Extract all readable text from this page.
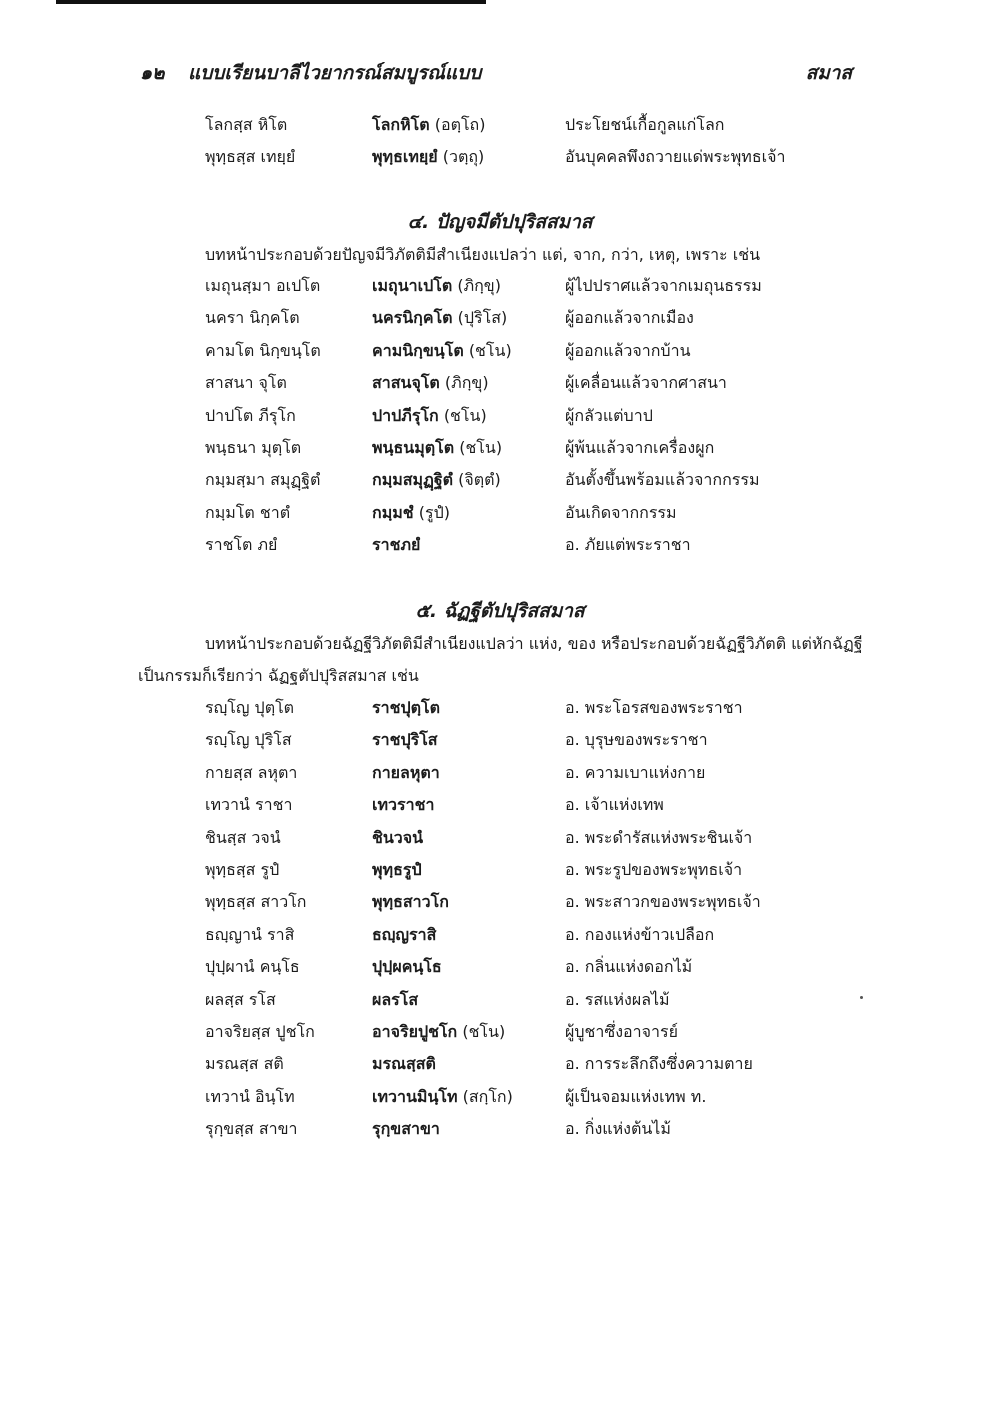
๑๒ แบบเรียนบาลีไวยากรณ์สมบูรณ์แบบ	สมาส
โลกสฺส หิโต	โลกหิโต (อตฺโถ)	ประโยชน์เกื้อกูลแก่โลก
พุทฺธสฺส เทยฺยํ	พุทฺธเทยฺยํ (วตฺถุ)	อันบุคคลพึงถวายแด่พระพุทธเจ้า
๔. ปัญจมีตัปปุริสสมาส
บทหน้าประกอบด้วยปัญจมีวิภัตติมีสำเนียงแปลว่า แต่, จาก, กว่า, เหตุ, เพราะ เช่น
เมถุนสฺมา อเปโต	เมถุนาเปโต (ภิกฺขุ)	ผู้ไปปราศแล้วจากเมถุนธรรม
นครา นิกฺคโต	นครนิกฺคโต (ปุริโส)	ผู้ออกแล้วจากเมือง
คามโต นิกฺขนฺโต	คามนิกฺขนฺโต (ชโน)	ผู้ออกแล้วจากบ้าน
สาสนา จุโต	สาสนจุโต (ภิกฺขุ)	ผู้เคลื่อนแล้วจากศาสนา
ปาปโต ภีรุโก	ปาปภีรุโก (ชโน)	ผู้กลัวแต่บาป
พนฺธนา มุตฺโต	พนฺธนมุตฺโต (ชโน)	ผู้พ้นแล้วจากเครื่องผูก
กมฺมสฺมา สมุฏฺฐิตํ	กมฺมสมุฏฺฐิตํ (จิตฺตํ)	อันตั้งขึ้นพร้อมแล้วจากกรรม
กมฺมโต ชาตํ	กมฺมชํ (รูปํ)	อันเกิดจากกรรม
ราชโต ภยํ	ราชภยํ	อ. ภัยแต่พระราชา
๕. ฉัฏฐีตัปปุริสสมาส
บทหน้าประกอบด้วยฉัฏฐีวิภัตติมีสำเนียงแปลว่า แห่ง, ของ หรือประกอบด้วยฉัฏฐีวิภัตติ แต่หักฉัฏฐี
เป็นกรรมก็เรียกว่า ฉัฏฐตัปปุริสสมาส เช่น
รญฺโญ ปุตฺโต	ราชปุตฺโต	อ. พระโอรสของพระราชา
รญฺโญ ปุริโส	ราชปุริโส	อ. บุรุษของพระราชา
กายสฺส ลหุตา	กายลหุตา	อ. ความเบาแห่งกาย
เทวานํ ราชา	เทวราชา	อ. เจ้าแห่งเทพ
ชินสฺส วจนํ	ชินวจนํ	อ. พระดำรัสแห่งพระชินเจ้า
พุทฺธสฺส รูปํ	พุทฺธรูปํ	อ. พระรูปของพระพุทธเจ้า
พุทฺธสฺส สาวโก	พุทฺธสาวโก	อ. พระสาวกของพระพุทธเจ้า
ธญฺญานํ ราสิ	ธญฺญราสิ	อ. กองแห่งข้าวเปลือก
ปุปฺผานํ คนฺโธ	ปุปฺผคนฺโธ	อ. กลิ่นแห่งดอกไม้
ผลสฺส รโส	ผลรโส	อ. รสแห่งผลไม้
อาจริยสฺส ปูชโก	อาจริยปูชโก (ชโน)	ผู้บูชาซึ่งอาจารย์
มรณสฺส สติ	มรณสฺสติ	อ. การระลึกถึงซึ่งความตาย
เทวานํ อินฺโท	เทวานมินฺโท (สกฺโก)	ผู้เป็นจอมแห่งเทพ ท.
รุกฺขสฺส สาขา	รุกฺขสาขา	อ. กิ่งแห่งต้นไม้
